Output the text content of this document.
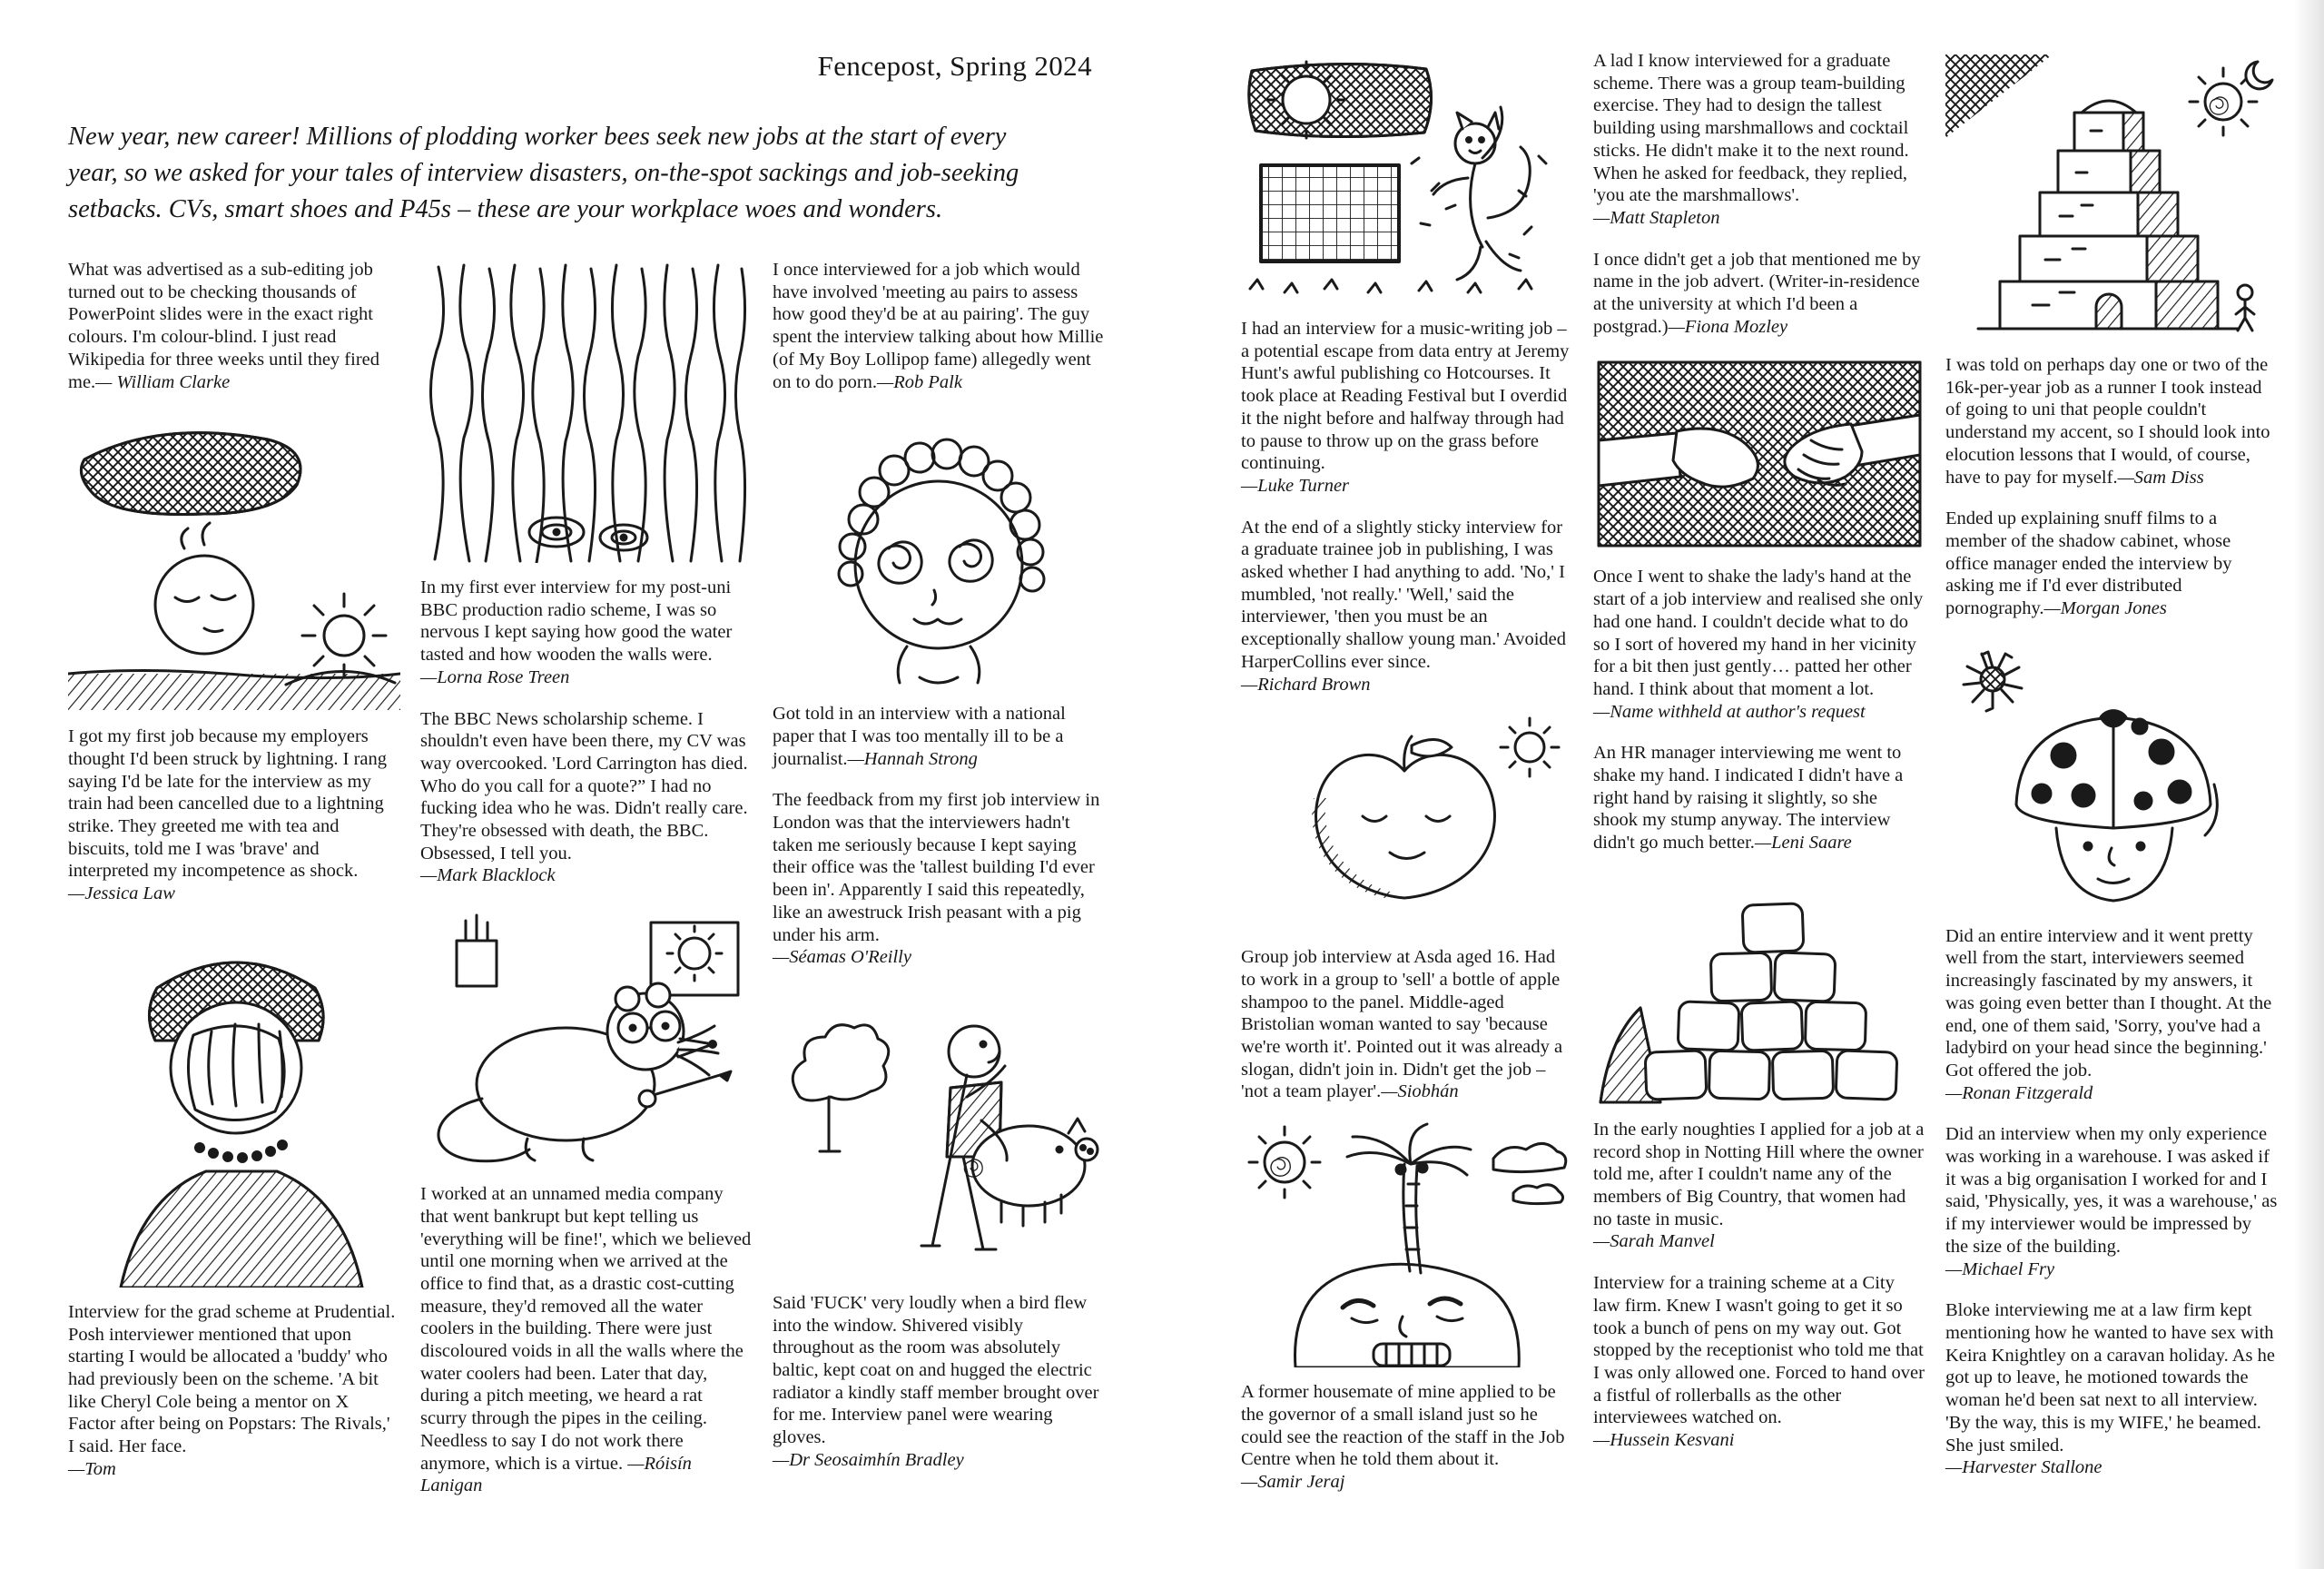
Fencepost, Spring 2024

New year, new career! Millions of plodding worker bees seek new jobs at the start of every year, so we asked for your tales of interview disasters, on-the-spot sackings and job-seeking setbacks. CVs, smart shoes and P45s – these are your workplace woes and wonders.

What was advertised as a sub-editing job turned out to be checking thousands of PowerPoint slides were in the exact right colours. I'm colour-blind. I just read Wikipedia for three weeks until they fired me.— William Clarke

I got my first job because my employers thought I'd been struck by lightning. I rang saying I'd be late for the interview as my train had been cancelled due to a lightning strike. They greeted me with tea and biscuits, told me I was 'brave' and interpreted my incompetence as shock.
—Jessica Law

Interview for the grad scheme at Prudential. Posh interviewer mentioned that upon starting I would be allocated a 'buddy' who had previously been on the scheme. 'A bit like Cheryl Cole being a mentor on X Factor after being on Popstars: The Rivals,' I said. Her face.
—Tom

In my first ever interview for my post-uni BBC production radio scheme, I was so nervous I kept saying how good the water tasted and how wooden the walls were.
—Lorna Rose Treen

The BBC News scholarship scheme. I shouldn't even have been there, my CV was way overcooked. 'Lord Carrington has died. Who do you call for a quote?” I had no fucking idea who he was. Didn't really care. They're obsessed with death, the BBC. Obsessed, I tell you.
—Mark Blacklock

I worked at an unnamed media company that went bankrupt but kept telling us 'everything will be fine!', which we believed until one morning when we arrived at the office to find that, as a drastic cost-cutting measure, they'd removed all the water coolers in the building. There were just discoloured voids in all the walls where the water coolers had been. Later that day, during a pitch meeting, we heard a rat scurry through the pipes in the ceiling. Needless to say I do not work there anymore, which is a virtue. —Róisín Lanigan

I once interviewed for a job which would have involved 'meeting au pairs to assess how good they'd be at au pairing'. The guy spent the interview talking about how Millie (of My Boy Lollipop fame) allegedly went on to do porn.—Rob Palk

Got told in an interview with a national paper that I was too mentally ill to be a journalist.—Hannah Strong

The feedback from my first job interview in London was that the interviewers hadn't taken me seriously because I kept saying their office was the 'tallest building I'd ever been in'. Apparently I said this repeatedly, like an awestruck Irish peasant with a pig under his arm.
—Séamas O'Reilly

Said 'FUCK' very loudly when a bird flew into the window. Shivered visibly throughout as the room was absolutely baltic, kept coat on and hugged the electric radiator a kindly staff member brought over for me. Interview panel were wearing gloves.
—Dr Seosaimhín Bradley

I had an interview for a music-writing job – a potential escape from data entry at Jeremy Hunt's awful publishing co Hotcourses. It took place at Reading Festival but I overdid it the night before and halfway through had to pause to throw up on the grass before continuing.
—Luke Turner

At the end of a slightly sticky interview for a graduate trainee job in publishing, I was asked whether I had anything to add. 'No,' I mumbled, 'not really.' 'Well,' said the interviewer, 'then you must be an exceptionally shallow young man.' Avoided HarperCollins ever since.
—Richard Brown

Group job interview at Asda aged 16. Had to work in a group to 'sell' a bottle of apple shampoo to the panel. Middle-aged Bristolian woman wanted to say 'because we're worth it'. Pointed out it was already a slogan, didn't join in. Didn't get the job – 'not a team player'.—Siobhán

A former housemate of mine applied to be the governor of a small island just so he could see the reaction of the staff in the Job Centre when he told them about it.
—Samir Jeraj

A lad I know interviewed for a graduate scheme. There was a group team-building exercise. They had to design the tallest building using marshmallows and cocktail sticks. He didn't make it to the next round. When he asked for feedback, they replied, 'you ate the marshmallows'.
—Matt Stapleton

I once didn't get a job that mentioned me by name in the job advert. (Writer-in-residence at the university at which I'd been a postgrad.)—Fiona Mozley

Once I went to shake the lady's hand at the start of a job interview and realised she only had one hand. I couldn't decide what to do so I sort of hovered my hand in her vicinity for a bit then just gently… patted her other hand. I think about that moment a lot.
—Name withheld at author's request

An HR manager interviewing me went to shake my hand. I indicated I didn't have a right hand by raising it slightly, so she shook my stump anyway. The interview didn't go much better.—Leni Saare

In the early noughties I applied for a job at a record shop in Notting Hill where the owner told me, after I couldn't name any of the members of Big Country, that women had no taste in music.
—Sarah Manvel

Interview for a training scheme at a City law firm. Knew I wasn't going to get it so took a bunch of pens on my way out. Got stopped by the receptionist who told me that I was only allowed one. Forced to hand over a fistful of rollerballs as the other interviewees watched on.
—Hussein Kesvani

I was told on perhaps day one or two of the 16k-per-year job as a runner I took instead of going to uni that people couldn't understand my accent, so I should look into elocution lessons that I would, of course, have to pay for myself.—Sam Diss

Ended up explaining snuff films to a member of the shadow cabinet, whose office manager ended the interview by asking me if I'd ever distributed pornography.—Morgan Jones

Did an entire interview and it went pretty well from the start, interviewers seemed increasingly fascinated by my answers, it was going even better than I thought. At the end, one of them said, 'Sorry, you've had a ladybird on your head since the beginning.' Got offered the job.
—Ronan Fitzgerald

Did an interview when my only experience was working in a warehouse. I was asked if it was a big organisation I worked for and I said, 'Physically, yes, it was a warehouse,' as if my interviewer would be impressed by the size of the building.
—Michael Fry

Bloke interviewing me at a law firm kept mentioning how he wanted to have sex with Keira Knightley on a caravan holiday. As he got up to leave, he motioned towards the woman he'd been sat next to all interview. 'By the way, this is my WIFE,' he beamed. She just smiled.
—Harvester Stallone
